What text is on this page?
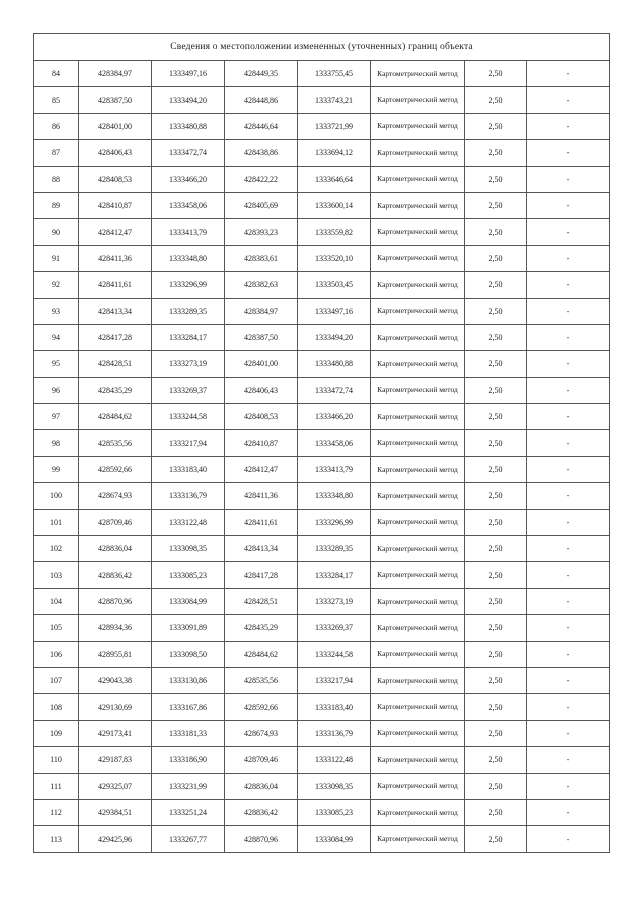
Сведения о местоположении измененных (уточненных) границ объекта							
84	428384,97	1333497,16	428449,35	1333755,45	Картометрический метод	2,50	-
85	428387,50	1333494,20	428448,86	1333743,21	Картометрический метод	2,50	-
86	428401,00	1333480,88	428446,64	1333721,99	Картометрический метод	2,50	-
87	428406,43	1333472,74	428438,86	1333694,12	Картометрический метод	2,50	-
88	428408,53	1333466,20	428422,22	1333646,64	Картометрический метод	2,50	-
89	428410,87	1333458,06	428405,69	1333600,14	Картометрический метод	2,50	-
90	428412,47	1333413,79	428393,23	1333559,82	Картометрический метод	2,50	-
91	428411,36	1333348,80	428383,61	1333520,10	Картометрический метод	2,50	-
92	428411,61	1333296,99	428382,63	1333503,45	Картометрический метод	2,50	-
93	428413,34	1333289,35	428384,97	1333497,16	Картометрический метод	2,50	-
94	428417,28	1333284,17	428387,50	1333494,20	Картометрический метод	2,50	-
95	428428,51	1333273,19	428401,00	1333480,88	Картометрический метод	2,50	-
96	428435,29	1333269,37	428406,43	1333472,74	Картометрический метод	2,50	-
97	428484,62	1333244,58	428408,53	1333466,20	Картометрический метод	2,50	-
98	428535,56	1333217,94	428410,87	1333458,06	Картометрический метод	2,50	-
99	428592,66	1333183,40	428412,47	1333413,79	Картометрический метод	2,50	-
100	428674,93	1333136,79	428411,36	1333348,80	Картометрический метод	2,50	-
101	428709,46	1333122,48	428411,61	1333296,99	Картометрический метод	2,50	-
102	428836,04	1333098,35	428413,34	1333289,35	Картометрический метод	2,50	-
103	428836,42	1333085,23	428417,28	1333284,17	Картометрический метод	2,50	-
104	428870,96	1333084,99	428428,51	1333273,19	Картометрический метод	2,50	-
105	428934,36	1333091,89	428435,29	1333269,37	Картометрический метод	2,50	-
106	428955,81	1333098,50	428484,62	1333244,58	Картометрический метод	2,50	-
107	429043,38	1333130,86	428535,56	1333217,94	Картометрический метод	2,50	-
108	429130,69	1333167,86	428592,66	1333183,40	Картометрический метод	2,50	-
109	429173,41	1333181,33	428674,93	1333136,79	Картометрический метод	2,50	-
110	429187,83	1333186,90	428709,46	1333122,48	Картометрический метод	2,50	-
111	429325,07	1333231,99	428836,04	1333098,35	Картометрический метод	2,50	-
112	429384,51	1333251,24	428836,42	1333085,23	Картометрический метод	2,50	-
113	429425,96	1333267,77	428870,96	1333084,99	Картометрический метод	2,50	-
